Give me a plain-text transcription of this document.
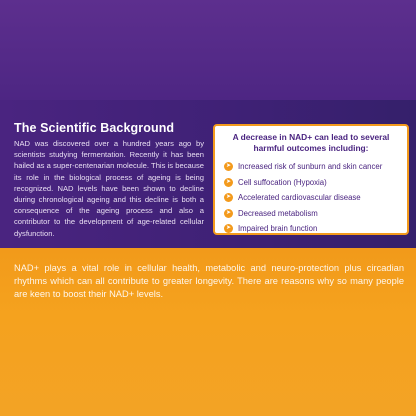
The Scientific Background
NAD was discovered over a hundred years ago by scientists studying fermentation. Recently it has been hailed as a super-centenarian molecule. This is because its role in the biological process of ageing is being recognized. NAD levels have been shown to decline during chronological ageing and this decline is both a consequence of the ageing process and also a contributor to the development of age-related cellular dysfunction.
A decrease in NAD+ can lead to several
harmful outcomes including:
➤ Increased risk of sunburn and skin cancer
➤ Cell suffocation (Hypoxia)
➤ Accelerated cardiovascular disease
➤ Decreased metabolism
➤ Impaired brain function
NAD+ plays a vital role in cellular health, metabolic and neuro-protection plus circadian rhythms which can all contribute to greater longevity. There are reasons why so many people are keen to boost their NAD+ levels.
